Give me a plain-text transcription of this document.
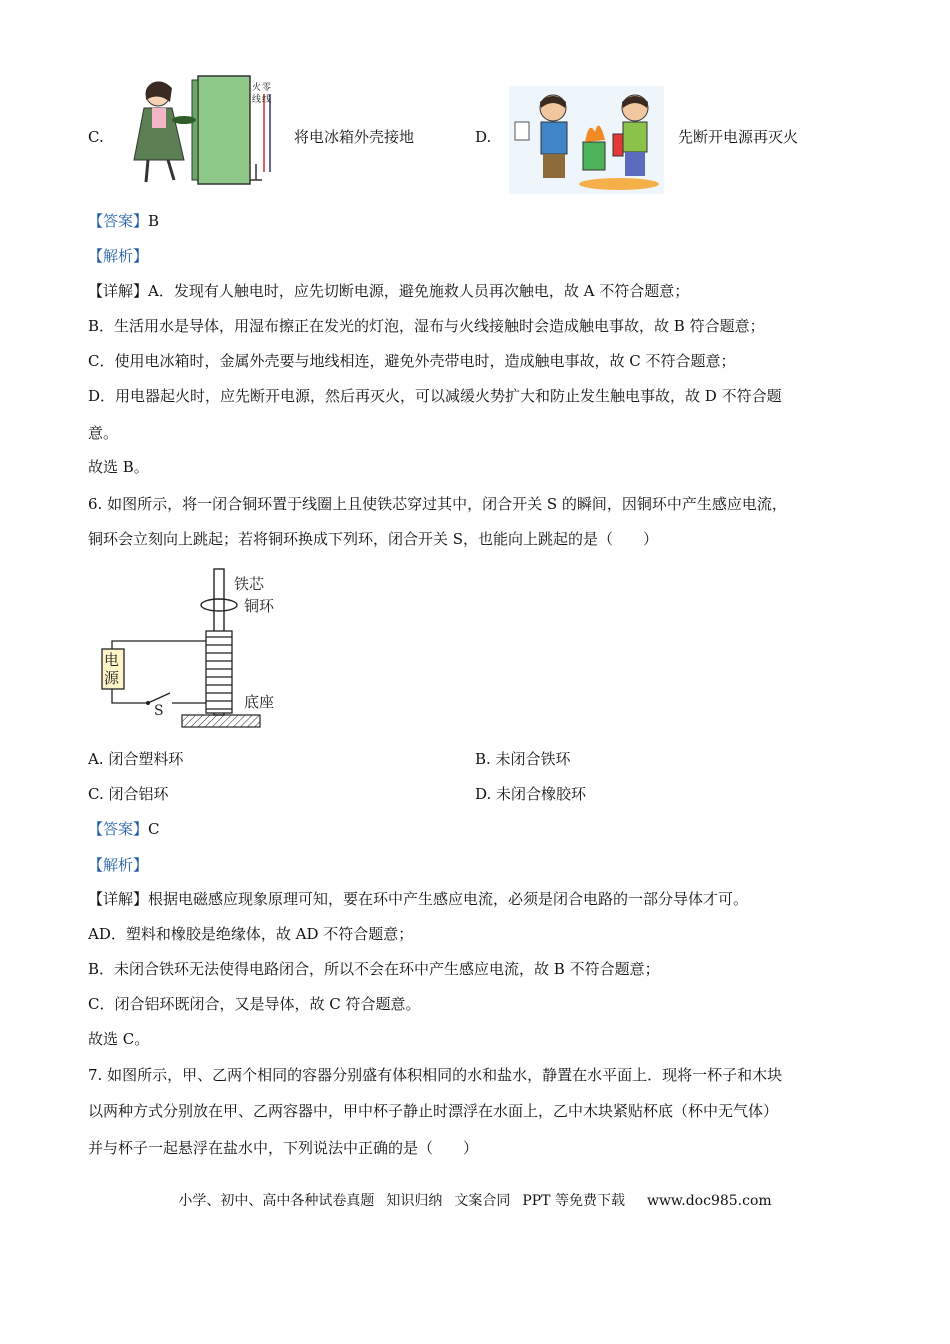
C.
火 零
线 线
将电冰箱外壳接地	D.	先断开电源再灭火
【答案】B
【解析】
【详解】A．发现有人触电时，应先切断电源，避免施救人员再次触电，故 A 不符合题意；
B．生活用水是导体，用湿布擦正在发光的灯泡，湿布与火线接触时会造成触电事故，故 B 符合题意；
C．使用电冰箱时，金属外壳要与地线相连，避免外壳带电时，造成触电事故，故 C 不符合题意；
D．用电器起火时，应先断开电源，然后再灭火，可以减缓火势扩大和防止发生触电事故，故 D 不符合题
意。
故选 B。
6. 如图所示，将一闭合铜环置于线圈上且使铁芯穿过其中，闭合开关 S 的瞬间，因铜环中产生感应电流，
铜环会立刻向上跳起；若将铜环换成下列环，闭合开关 S，也能向上跳起的是（　　）
电
源
S
铁芯
铜环
底座
A. 闭合塑料环	B. 未闭合铁环
C. 闭合铝环	D. 未闭合橡胶环
【答案】C
【解析】
【详解】根据电磁感应现象原理可知，要在环中产生感应电流，必须是闭合电路的一部分导体才可。
AD．塑料和橡胶是绝缘体，故 AD 不符合题意；
B．未闭合铁环无法使得电路闭合，所以不会在环中产生感应电流，故 B 不符合题意；
C．闭合铝环既闭合，又是导体，故 C 符合题意。
故选 C。
7. 如图所示，甲、乙两个相同的容器分别盛有体积相同的水和盐水，静置在水平面上．现将一杯子和木块
以两种方式分别放在甲、乙两容器中，甲中杯子静止时漂浮在水面上，乙中木块紧贴杯底（杯中无气体）
并与杯子一起悬浮在盐水中，下列说法中正确的是（　　）
小学、初中、高中各种试卷真题 知识归纳 文案合同 PPT 等免费下载 www.doc985.com
